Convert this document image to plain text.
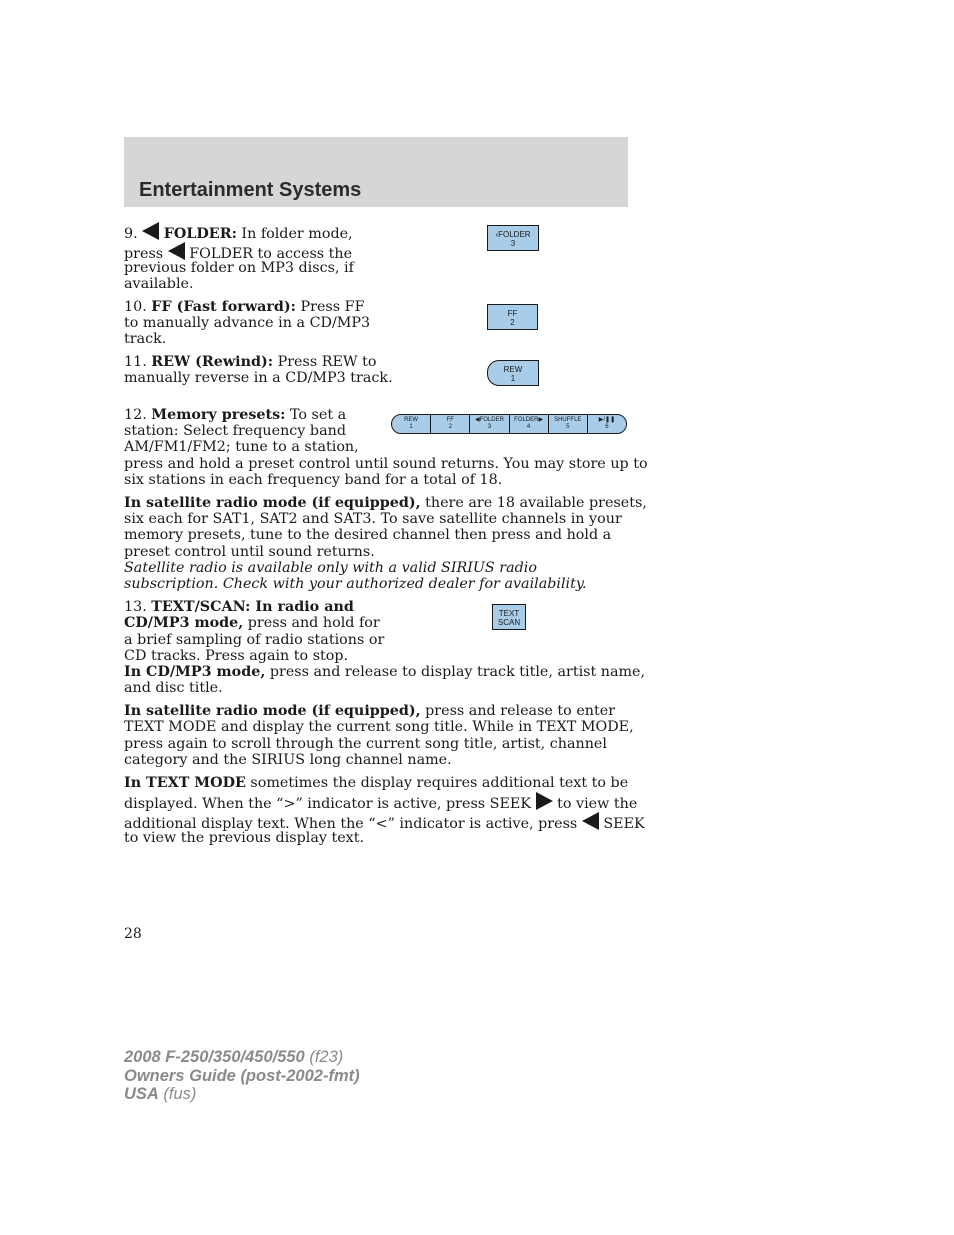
Entertainment Systems

9. FOLDER: In folder mode,

press  FOLDER to access the

previous folder on MP3 discs, if

available.

‹FOLDER
3

10. FF (Fast forward): Press FF

to manually advance in a CD/MP3

track.

FF
2

11. REW (Rewind): Press REW to

manually reverse in a CD/MP3 track.

REW
1

12. Memory presets: To set a

station: Select frequency band

AM/FM1/FM2; tune to a station,

press and hold a preset control until sound returns. You may store up to

six stations in each frequency band for a total of 18.

REW
1
FF
2
◀FOLDER
3
FOLDER▶
4
SHUFFLE
5
▶/❚❚
6

In satellite radio mode (if equipped), there are 18 available presets,

six each for SAT1, SAT2 and SAT3. To save satellite channels in your

memory presets, tune to the desired channel then press and hold a

preset control until sound returns.

Satellite radio is available only with a valid SIRIUS radio

subscription. Check with your authorized dealer for availability.

13. TEXT/SCAN: In radio and

CD/MP3 mode, press and hold for

a brief sampling of radio stations or

CD tracks. Press again to stop.

TEXT
SCAN

In CD/MP3 mode, press and release to display track title, artist name,

and disc title.

In satellite radio mode (if equipped), press and release to enter

TEXT MODE and display the current song title. While in TEXT MODE,

press again to scroll through the current song title, artist, channel

category and the SIRIUS long channel name.

In TEXT MODE sometimes the display requires additional text to be

displayed. When the “>” indicator is active, press SEEK  to view the

additional display text. When the “<” indicator is active, press  SEEK

to view the previous display text.

28
2008 F-250/350/450/550 (f23)
Owners Guide (post-2002-fmt)
USA (fus)
